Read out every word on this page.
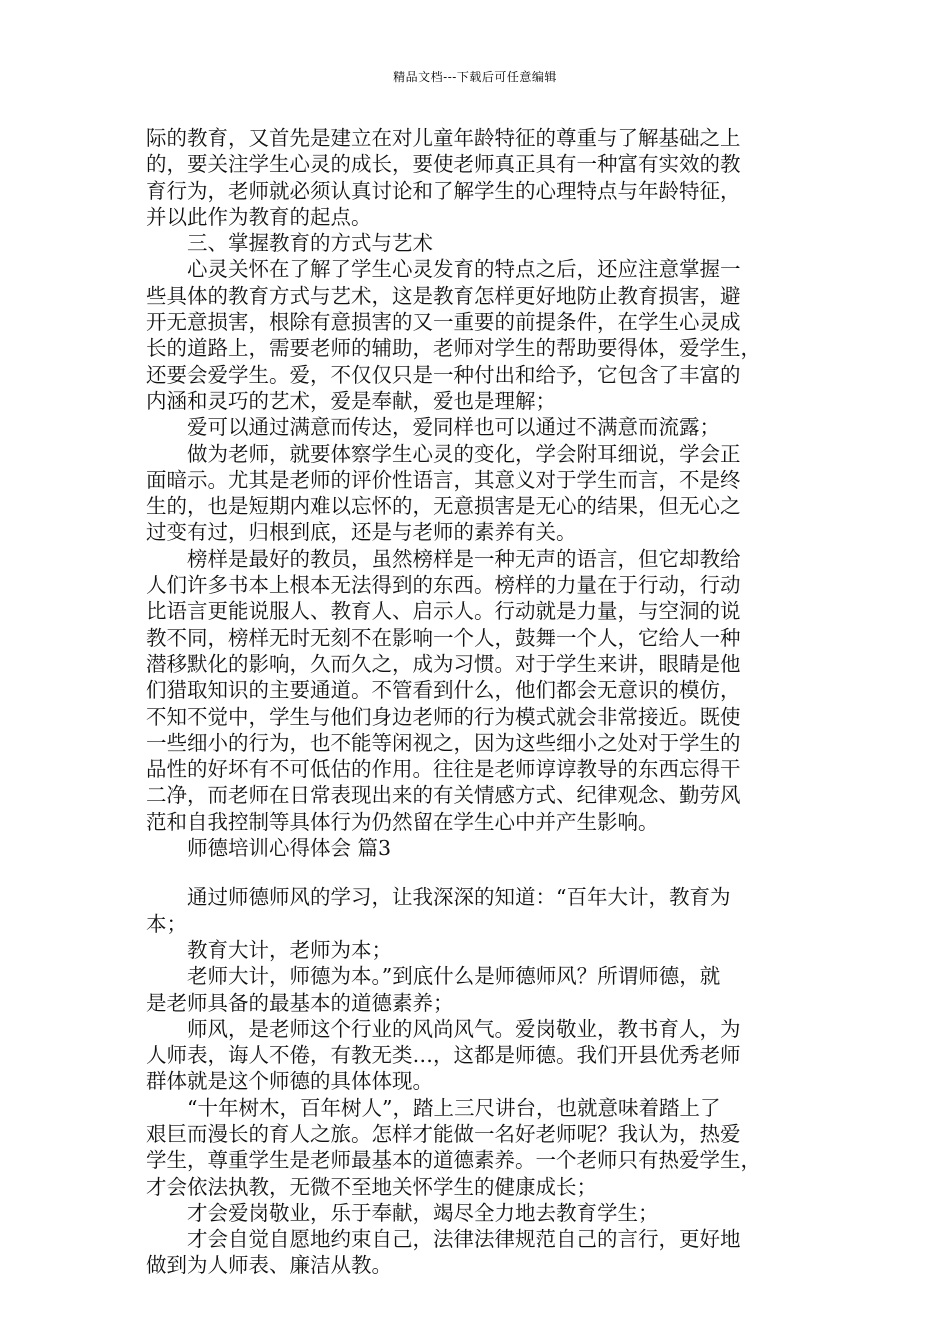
精品文档---下载后可任意编辑
际的教育，又首先是建立在对儿童年龄特征的尊重与了解基础之上
的，要关注学生心灵的成长，要使老师真正具有一种富有实效的教
育行为，老师就必须认真讨论和了解学生的心理特点与年龄特征，
并以此作为教育的起点。
三、掌握教育的方式与艺术
心灵关怀在了解了学生心灵发育的特点之后，还应注意掌握一
些具体的教育方式与艺术，这是教育怎样更好地防止教育损害，避
开无意损害，根除有意损害的又一重要的前提条件，在学生心灵成
长的道路上，需要老师的辅助，老师对学生的帮助要得体，爱学生，
还要会爱学生。爱，不仅仅只是一种付出和给予，它包含了丰富的
内涵和灵巧的艺术，爱是奉献，爱也是理解；
爱可以通过满意而传达，爱同样也可以通过不满意而流露；
做为老师，就要体察学生心灵的变化，学会附耳细说，学会正
面暗示。尤其是老师的评价性语言，其意义对于学生而言，不是终
生的，也是短期内难以忘怀的，无意损害是无心的结果，但无心之
过变有过，归根到底，还是与老师的素养有关。
榜样是最好的教员，虽然榜样是一种无声的语言，但它却教给
人们许多书本上根本无法得到的东西。榜样的力量在于行动，行动
比语言更能说服人、教育人、启示人。行动就是力量，与空洞的说
教不同，榜样无时无刻不在影响一个人，鼓舞一个人，它给人一种
潜移默化的影响，久而久之，成为习惯。对于学生来讲，眼睛是他
们猎取知识的主要通道。不管看到什么，他们都会无意识的模仿，
不知不觉中，学生与他们身边老师的行为模式就会非常接近。既使
一些细小的行为，也不能等闲视之，因为这些细小之处对于学生的
品性的好坏有不可低估的作用。往往是老师谆谆教导的东西忘得干
二净，而老师在日常表现出来的有关情感方式、纪律观念、勤劳风
范和自我控制等具体行为仍然留在学生心中并产生影响。
师德培训心得体会 篇3
通过师德师风的学习，让我深深的知道：“百年大计，教育为
本；
教育大计，老师为本；
老师大计，师德为本。”到底什么是师德师风？所谓师德，就
是老师具备的最基本的道德素养；
师风，是老师这个行业的风尚风气。爱岗敬业，教书育人，为
人师表，诲人不倦，有教无类…，这都是师德。我们开县优秀老师
群体就是这个师德的具体体现。
“十年树木，百年树人”，踏上三尺讲台，也就意味着踏上了
艰巨而漫长的育人之旅。怎样才能做一名好老师呢？我认为，热爱
学生，尊重学生是老师最基本的道德素养。一个老师只有热爱学生，
才会依法执教，无微不至地关怀学生的健康成长；
才会爱岗敬业，乐于奉献，竭尽全力地去教育学生；
才会自觉自愿地约束自己，法律法律规范自己的言行，更好地
做到为人师表、廉洁从教。
